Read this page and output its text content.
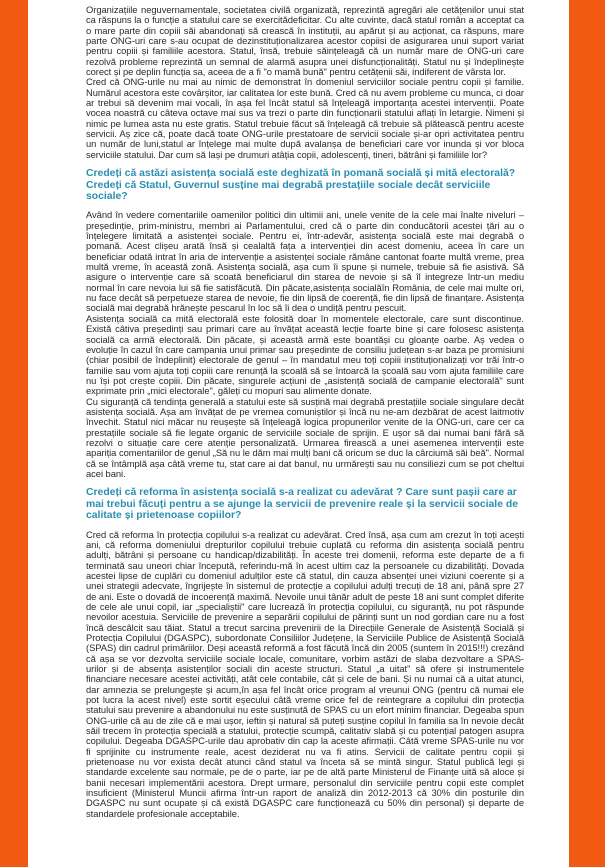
Organizațiile neguvernamentale, societatea civilă organizată, reprezintă agregări ale cetățenilor unui stat ca răspuns la o funcție a statului care se exercitădeficitar. Cu alte cuvinte, dacă statul român a acceptat ca o mare parte din copiii săi abandonați să crească în instituții, au apărut și au acționat, ca răspuns, mare parte ONG-uri care s-au ocupat de dezinstituționalizarea acestor copiisi de asigurarea unui suport variat pentru copiii și familiile acestora. Statul, însă, trebuie săințeleagă că un număr mare de ONG-uri care rezolvă probleme reprezintă un semnal de alarmă asupra unei disfuncționalități. Statul nu și îndeplinește corect și pe deplin funcția sa, aceea de a fi "o mamă bună" pentru cetățenii săi, indiferent de vârsta lor.

Cred că ONG-urile nu mai au nimic de demonstrat în domeniul serviciilor sociale pentru copii și familie. Numărul acestora este covârșitor, iar calitatea lor este bună. Cred că nu avem probleme cu munca, ci doar ar trebui să devenim mai vocali, în așa fel încât statul să înțeleagă importanța acestei intervenții. Poate vocea noastră cu câteva octave mai sus va trezi o parte din funcționarii statului aflați în letargie. Nimeni și nimic pe lumea asta nu este gratis. Statul trebuie făcut să înțeleagă că trebuie să plătească pentru aceste servicii. Aș zice că, poate dacă toate ONG-urile prestatoare de servicii sociale și-ar opri activitatea pentru un număr de luni,statul ar înțelege mai multe după avalanșa de beneficiari care vor inunda și vor bloca serviciile statului. Dar cum să lași pe drumuri atâția copii, adolescenți, tineri, bătrâni și familiile lor?

Credeți că astăzi asistența socială este deghizată în pomană socială și mită electorală? Credeți că Statul, Guvernul susține mai degrabă prestațiile sociale decât serviciile sociale?

Având în vedere comentariile oamenilor politici din ultimii ani, unele venite de la cele mai înalte niveluri – președinție, prim-ministru, membri ai Parlamentului, cred că o parte din conducătorii acestei țări au o înțelegere limitată a asistenței sociale. Pentru ei, într-adevăr, asistența socială este mai degrabă o pomană. Acest clișeu arată însă și cealaltă fața a intervenției din acest domeniu, aceea în care un beneficiar odată intrat în aria de intervenție a asistenței sociale rămâne cantonat foarte multă vreme, prea multă vreme, în această zonă. Asistența socială, așa cum îi spune și numele, trebuie să fie asistivă. Să asigure o intervenție care să scoată beneficiarul din starea de nevoie și să îl integreze într-un mediu normal în care nevoia lui să fie satisfăcută. Din păcate,asistența socialăîn România, de cele mai multe ori, nu face decât să perpetueze starea de nevoie, fie din lipsă de coerență, fie din lipsă de finanțare. Asistența socială mai degrabă hrănește pescarul în loc să îi dea o undiță pentru pescuit.

Asistența socială ca mită electorală este folosită doar în momentele electorale, care sunt discontinue. Există câtiva președinți sau primari care au învățat această lecție foarte bine și care folosesc asistența socială ca armă electorală. Din păcate, și această armă este boantăși cu gloanțe oarbe. Aș vedea o evoluție în cazul în care campania unui primar sau președinte de consiliu județean s-ar baza pe promisiuni (chiar posibil de îndeplinit) electorale de genul – în mandatul meu toți copiii instituționalizați vor trăi într-o familie sau vom ajuta toți copiii care renunță la școală să se întoarcă la școală sau vom ajuta familiile care nu își pot crește copiii. Din păcate, singurele acțiuni de „asistență socială de campanie electorală" sunt exprimate prin „mici electorale", găleți cu mopuri sau alimente donate.

Cu siguranță că tendința generală a statului este să susțină mai degrabă prestațiile sociale singulare decât asistența socială. Așa am învățat de pe vremea comuniștilor și încă nu ne-am dezbărat de acest laitmotiv învechit. Statul nici măcar nu reușește să înțeleagă logica propunerilor venite de la ONG-uri, care cer ca prestațiile sociale să fie legate organic de serviciile sociale de sprijin. E ușor să dai numai bani fără să rezolvi o situație care cere atenție personalizată. Urmarea firească a unei asemenea intervenții este apariția comentariilor de genul „Să nu le dăm mai mulți bani că oricum se duc la cârciumă săi beă". Normal că se întâmplă așa câtă vreme tu, stat care ai dat banul, nu urmărești sau nu consiliezi cum se pot cheltui acei bani.

Credeți că reforma în asistența socială s-a realizat cu adevărat ? Care sunt pașii care ar mai trebui făcuți pentru a se ajunge la servicii de prevenire reale și la servicii sociale de calitate și prietenoase copiilor?

Cred că reforma în protecția copilului s-a realizat cu adevărat. Cred însă, așa cum am crezut în toți acești ani, că reforma domeniului drepturilor copilului trebuie cuplată cu reforma din asistența socială pentru adulți, bătrâni și persoane cu handicap/dizabilități. În aceste trei domenii, reforma este departe de a fi terminată sau uneori chiar începută, referindu-mă în acest ultim caz la persoanele cu dizabilități. Dovada acestei lipse de cuplări cu domeniul adulților este că statul, din cauza absenței unei viziuni coerente și a unei strategii adecvate, îngrijește în sistemul de protecție a copilului adulți trecuți de 18 ani, până spre 27 de ani. Este o dovadă de incoerență maximă. Nevoile unui tânăr adult de peste 18 ani sunt complet diferite de cele ale unui copil, iar „specialiștii" care lucrează în protecția copilului, cu siguranță, nu pot răspunde nevoilor acestuia. Serviciile de prevenire a separării copilului de părinți sunt un nod gordian care nu a fost încă descâlcit sau tăiat. Statul a trecut sarcina prevenirii de la Direcțiile Generale de Asistență Socială și Protecția Copilului (DGASPC), subordonate Consiliilor Județene, la Serviciile Publice de Asistență Socială (SPAS) din cadrul primăriilor. Deși această reformă a fost făcută încă din 2005 (suntem în 2015!!!) crezând că așa se vor dezvolta serviciile sociale locale, comunitare, vorbim astăzi de slaba dezvoltare a SPAS-urilor și de absența asistenților sociali din aceste structuri. Statul „a uitat" să ofere și instrumentele financiare necesare acestei activități, atât cele contabile, cât și cele de bani. Și nu numai că a uitat atunci, dar amnezia se prelungește și acum,în așa fel încât orice program al vreunui ONG (pentru că numai ele pot lucra la acest nivel) este sortit eșecului câtă vreme orice fel de reintegrare a copilului din protecția statului sau prevenire a abandonului nu este susținută de SPAS cu un efort minim financiar. Degeaba spun ONG-urile că au de zile că e mai ușor, ieftin și natural să puteți susține copilul în familia sa în nevoie decât săil trecem în protecția specială a statului, protecție scumpă, calitativ slabă și cu potențial patogen asupra copilului. Degeaba DGASPC-urile dau aprobativ din cap la aceste afirmații. Câtă vreme SPAS-urile nu vor fi sprijinite cu instrumente reale, acest deziderat nu va fi atins. Servicii de calitate pentru copii și prietenoase nu vor exista decât atunci când statul va înceta să se mintă singur. Statul publică legi și standarde excelente sau normale, pe de o parte, iar pe de altă parte Ministerul de Finanțe uită să aloce și banii necesari implementării acestora. Drept urmare, personalul din serviciile pentru copii este complet insuficient (Ministerul Muncii afirma într-un raport de analiză din 2012-2013 că 30% din posturile din DGASPC nu sunt ocupate și că există DGASPC care funcționează cu 50% din personal) și departe de standardele profesionale acceptabile.
